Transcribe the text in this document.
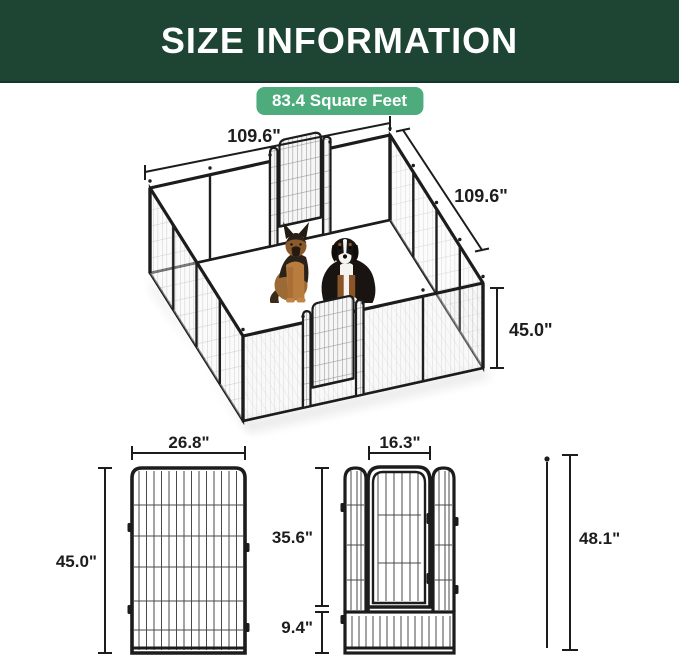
SIZE INFORMATION
83.4 Square Feet
109.6"
109.6"
45.0"
26.8"
45.0"
16.3"
35.6"
9.4"
48.1"
